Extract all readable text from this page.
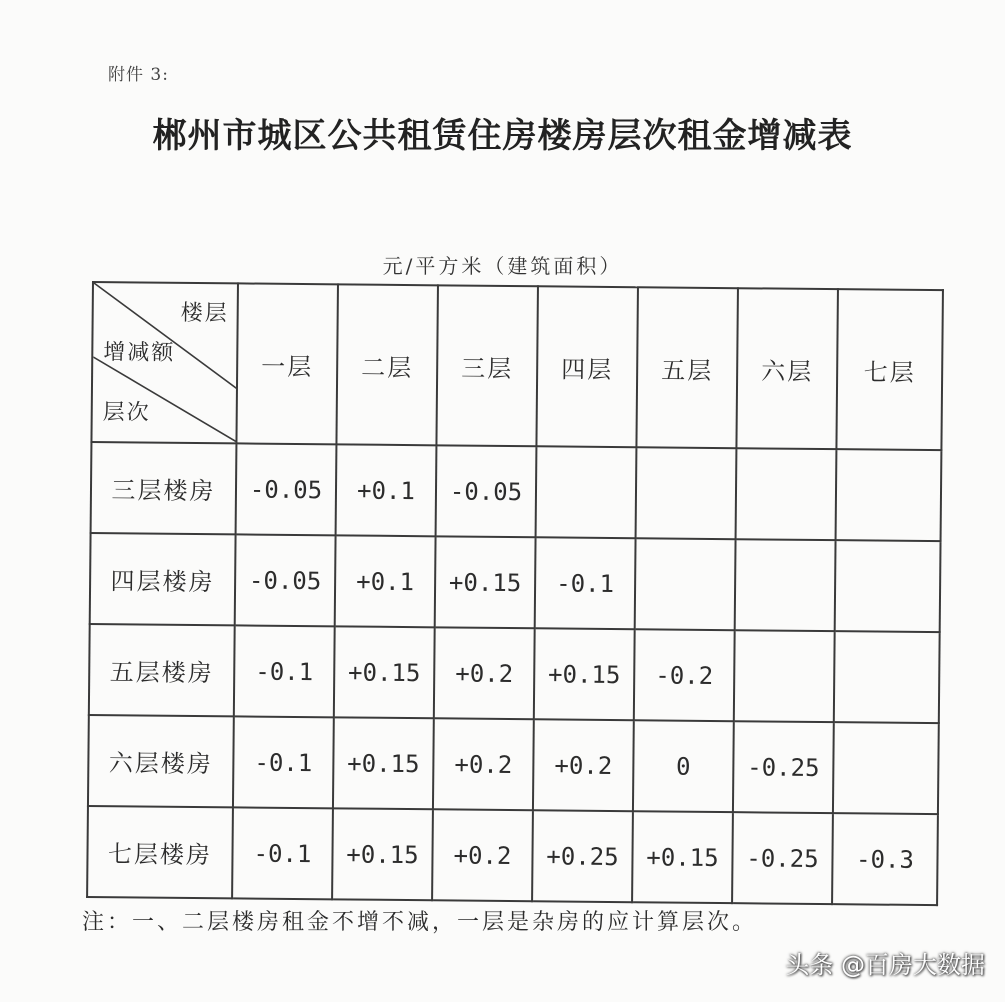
附件 3:
郴州市城区公共租赁住房楼房层次租金增减表
元/平方米（建筑面积）
楼层
增减额
层次	一层	二层	三层	四层	五层	六层	七层
三层楼房	-0.05	+0.1	-0.05				
四层楼房	-0.05	+0.1	+0.15	-0.1			
五层楼房	-0.1	+0.15	+0.2	+0.15	-0.2		
六层楼房	-0.1	+0.15	+0.2	+0.2	0	-0.25	
七层楼房	-0.1	+0.15	+0.2	+0.25	+0.15	-0.25	-0.3
注：一、二层楼房租金不增不减，一层是杂房的应计算层次。
头条 @百房大数据
